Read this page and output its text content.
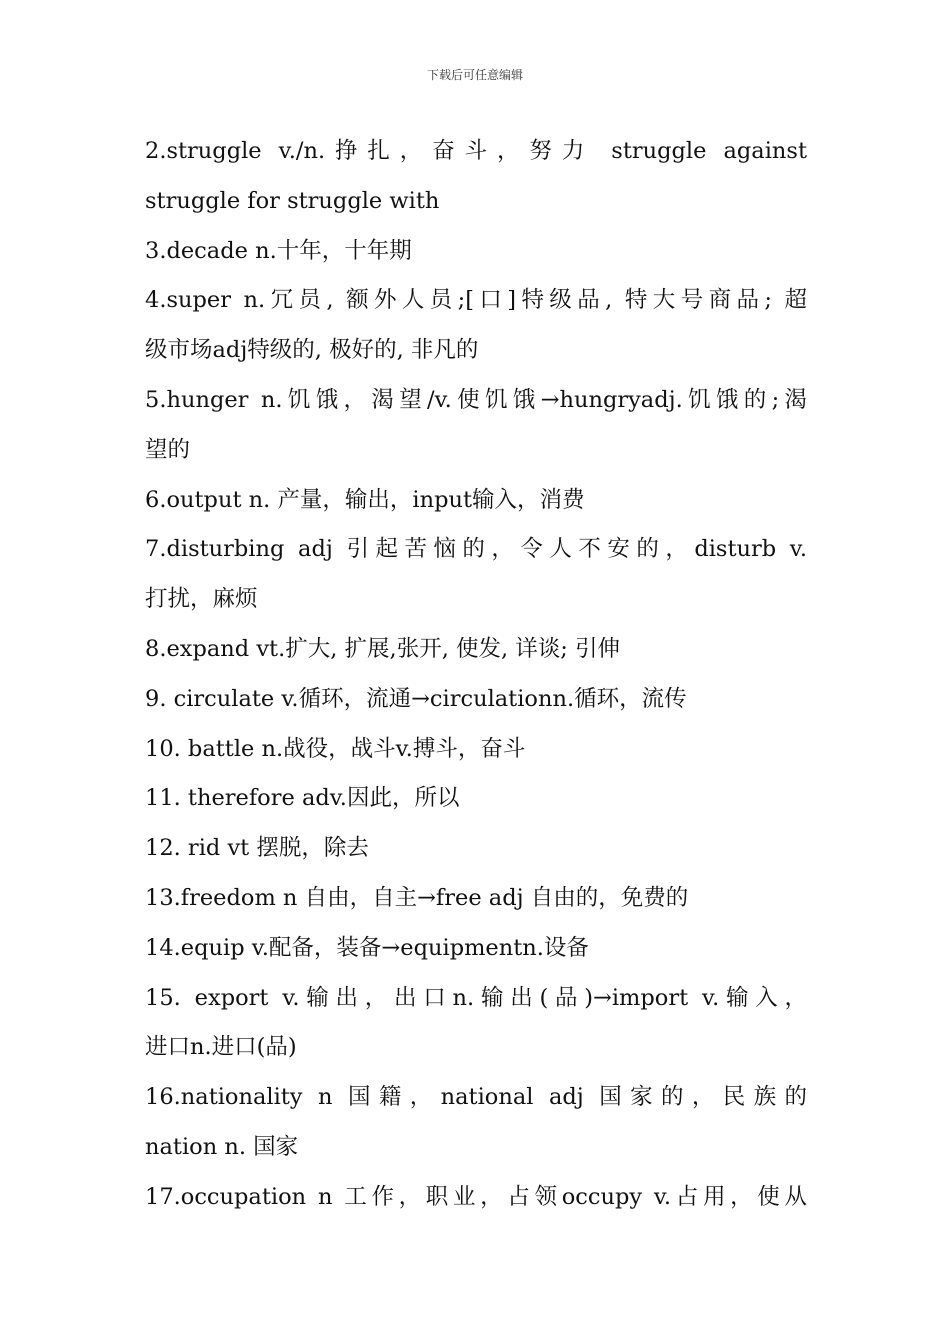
下载后可任意编辑
2.struggle v./n.挣扎，奋斗，努力 struggle against
struggle for struggle with
3.decade n.十年，十年期
4.super n.冗员, 额外人员;[口]特级品, 特大号商品; 超
级市场adj特级的, 极好的, 非凡的
5.hunger n.饥饿，渴望/v.使饥饿→hungryadj.饥饿的;渴
望的
6.output n. 产量，输出，input输入，消费
7.disturbing adj 引起苦恼的，令人不安的，disturb v.
打扰，麻烦
8.expand vt.扩大, 扩展,张开, 使发, 详谈; 引伸
9. circulate v.循环，流通→circulationn.循环，流传
10. battle n.战役，战斗v.搏斗，奋斗
11. therefore adv.因此，所以
12. rid vt 摆脱，除去
13.freedom n 自由，自主→free adj 自由的，免费的
14.equip v.配备，装备→equipmentn.设备
15. export v.输出，出口n.输出(品)→import v.输入，
进口n.进口(品)
16.nationality n 国籍，national adj 国家的，民族的
nation n. 国家
17.occupation n 工作，职业，占领occupy v.占用，使从
